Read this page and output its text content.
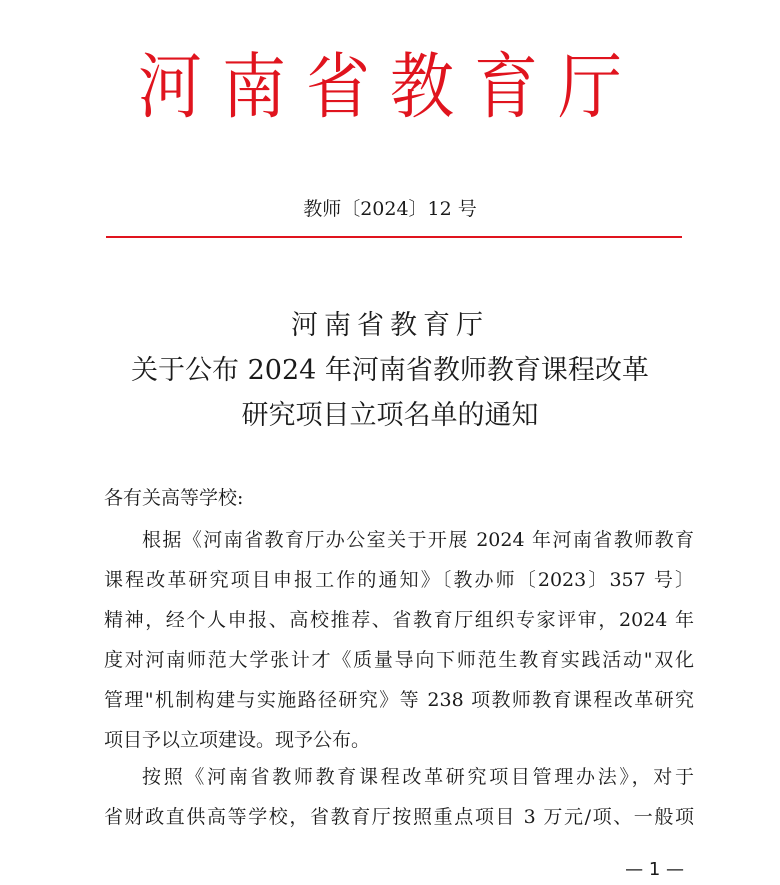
河南省教育厅
教师〔2024〕12 号
河南省教育厅
关于公布 2024 年河南省教师教育课程改革
研究项目立项名单的通知
各有关高等学校:
根据《河南省教育厅办公室关于开展 2024 年河南省教师教育
课程改革研究项目申报工作的通知》〔教办师〔2023〕357 号〕
精神，经个人申报、高校推荐、省教育厅组织专家评审，2024 年
度对河南师范大学张计才《质量导向下师范生教育实践活动"双化
管理"机制构建与实施路径研究》等 238 项教师教育课程改革研究
项目予以立项建设。现予公布。
按照《河南省教师教育课程改革研究项目管理办法》，对于
省财政直供高等学校，省教育厅按照重点项目 3 万元/项、一般项
— 1 —
